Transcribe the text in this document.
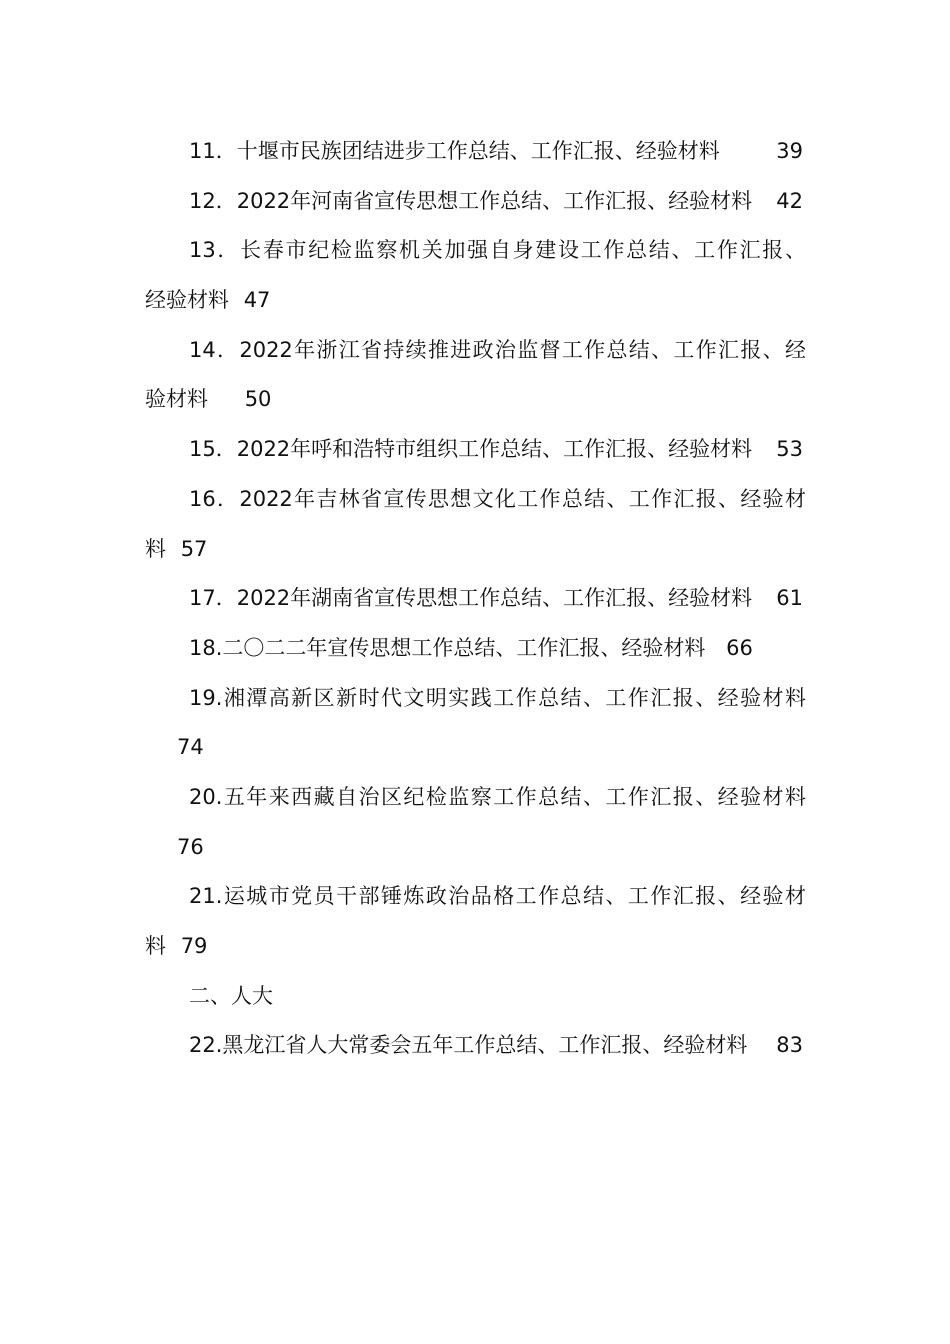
11．十堰市民族团结进步工作总结、工作汇报、经验材料	39
12．2022年河南省宣传思想工作总结、工作汇报、经验材料 42
13．长春市纪检监察机关加强自身建设工作总结、工作汇报、
经验材料 47
14．2022年浙江省持续推进政治监督工作总结、工作汇报、经
验材料 50
15．2022年呼和浩特市组织工作总结、工作汇报、经验材料 53
16．2022年吉林省宣传思想文化工作总结、工作汇报、经验材
料 57
17．2022年湖南省宣传思想工作总结、工作汇报、经验材料 61
18.二〇二二年宣传思想工作总结、工作汇报、经验材料 66
19.湘潭高新区新时代文明实践工作总结、工作汇报、经验材料
74
20.五年来西藏自治区纪检监察工作总结、工作汇报、经验材料
76
21.运城市党员干部锤炼政治品格工作总结、工作汇报、经验材
料 79
二、人大
22.黑龙江省人大常委会五年工作总结、工作汇报、经验材料 83
